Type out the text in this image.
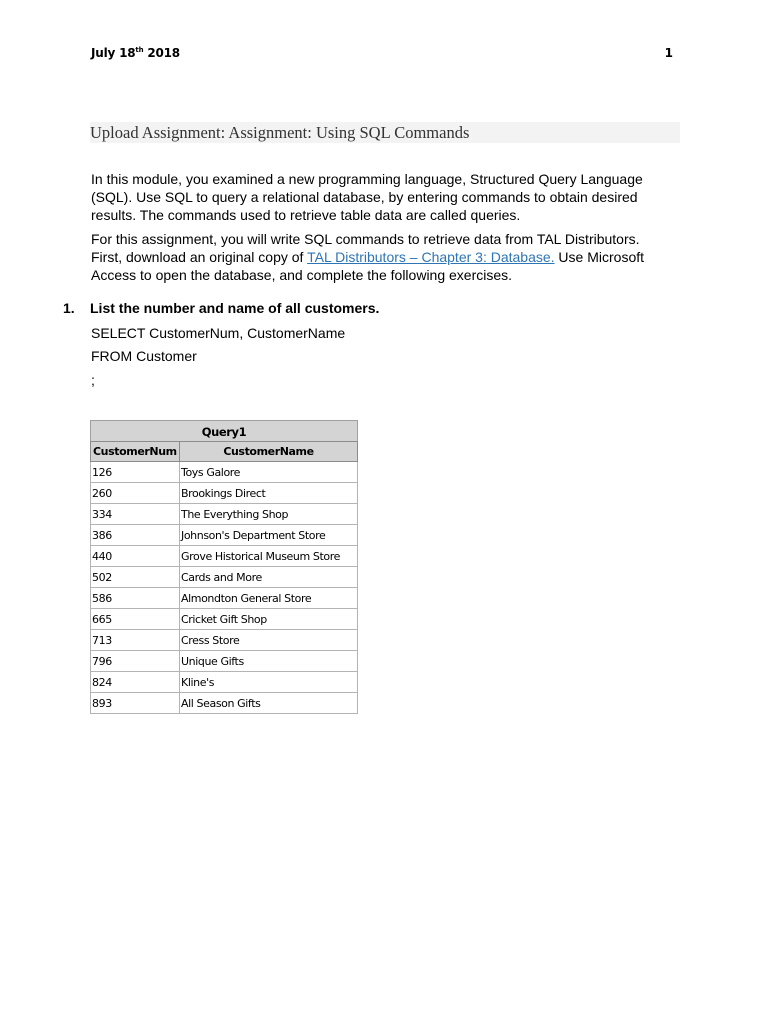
July 18th 2018	1
Upload Assignment: Assignment: Using SQL Commands
In this module, you examined a new programming language, Structured Query Language (SQL). Use SQL to query a relational database, by entering commands to obtain desired results. The commands used to retrieve table data are called queries.
For this assignment, you will write SQL commands to retrieve data from TAL Distributors. First, download an original copy of TAL Distributors – Chapter 3: Database. Use Microsoft Access to open the database, and complete the following exercises.
1. List the number and name of all customers.
SELECT CustomerNum, CustomerName
FROM Customer
;
Query1
CustomerNum	CustomerName
126	Toys Galore
260	Brookings Direct
334	The Everything Shop
386	Johnson's Department Store
440	Grove Historical Museum Store
502	Cards and More
586	Almondton General Store
665	Cricket Gift Shop
713	Cress Store
796	Unique Gifts
824	Kline's
893	All Season Gifts
